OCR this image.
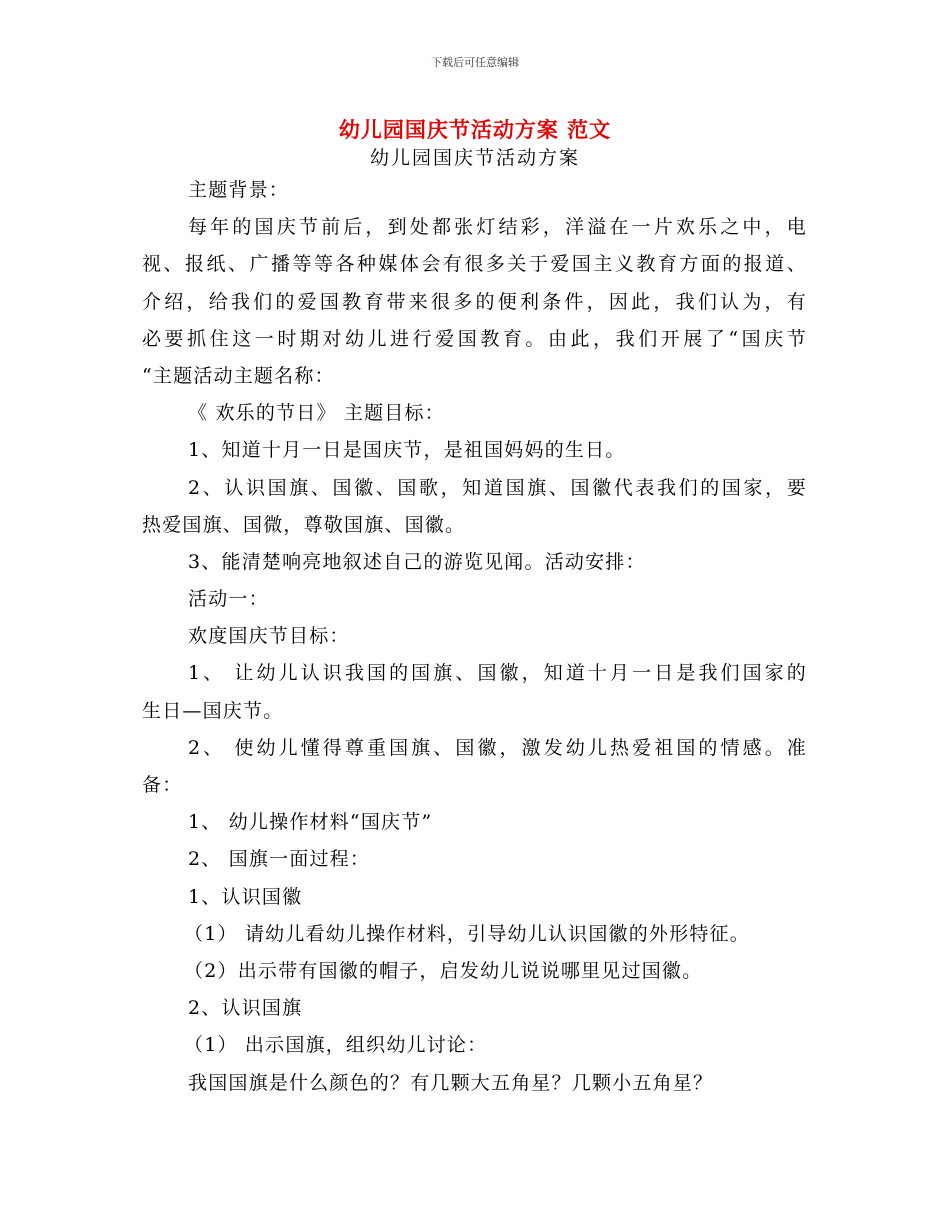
下载后可任意编辑
幼儿园国庆节活动方案 范文
幼儿园国庆节活动方案
主题背景：
每年的国庆节前后，到处都张灯结彩，洋溢在一片欢乐之中，电
视、报纸、广播等等各种媒体会有很多关于爱国主义教育方面的报道、
介绍，给我们的爱国教育带来很多的便利条件，因此，我们认为，有
必要抓住这一时期对幼儿进行爱国教育。由此，我们开展了“国庆节
“主题活动主题名称：
《 欢乐的节日》 主题目标：
1、知道十月一日是国庆节，是祖国妈妈的生日。
2、认识国旗、国徽、国歌，知道国旗、国徽代表我们的国家，要
热爱国旗、国微，尊敬国旗、国徽。
3、能清楚响亮地叙述自己的游览见闻。活动安排：
活动一：
欢度国庆节目标：
1、 让幼儿认识我国的国旗、国徽，知道十月一日是我们国家的
生日—国庆节。
2、 使幼儿懂得尊重国旗、国徽，激发幼儿热爱祖国的情感。准
备：
1、 幼儿操作材料“国庆节”
2、 国旗一面过程：
1、认识国徽
（1） 请幼儿看幼儿操作材料，引导幼儿认识国徽的外形特征。
（2）出示带有国徽的帽子，启发幼儿说说哪里见过国徽。
2、认识国旗
（1） 出示国旗，组织幼儿讨论：
我国国旗是什么颜色的？有几颗大五角星？几颗小五角星？
